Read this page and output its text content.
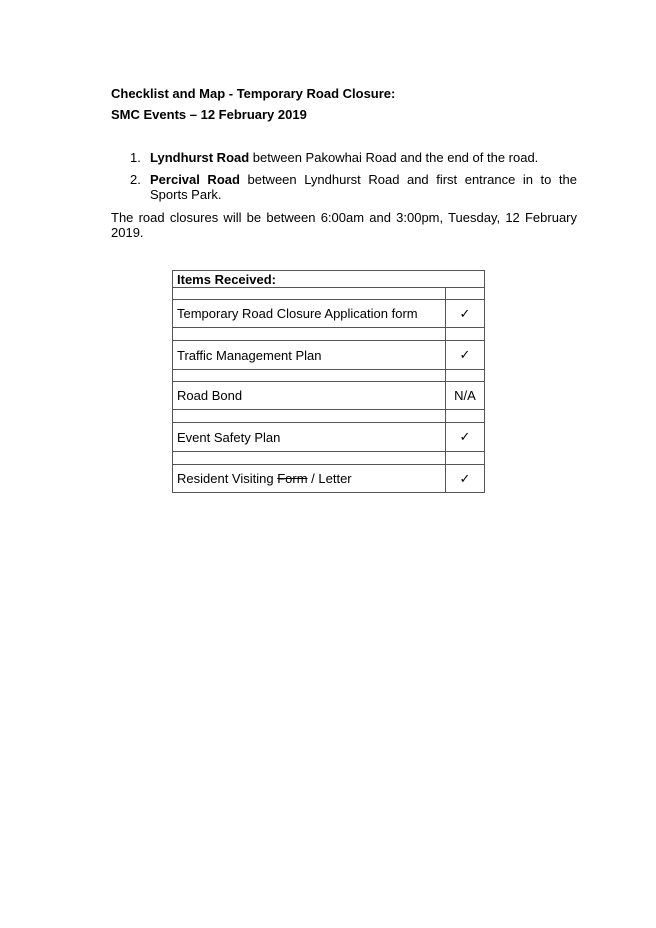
Checklist and Map - Temporary Road Closure:
SMC Events – 12 February 2019
1. Lyndhurst Road between Pakowhai Road and the end of the road.
2. Percival Road between Lyndhurst Road and first entrance in to the Sports Park.

The road closures will be between 6:00am and 3:00pm, Tuesday, 12 February 2019.

Items Received:	

Temporary Road Closure Application form	✓

Traffic Management Plan	✓

Road Bond	N/A

Event Safety Plan	✓

Resident Visiting Form / Letter	✓
